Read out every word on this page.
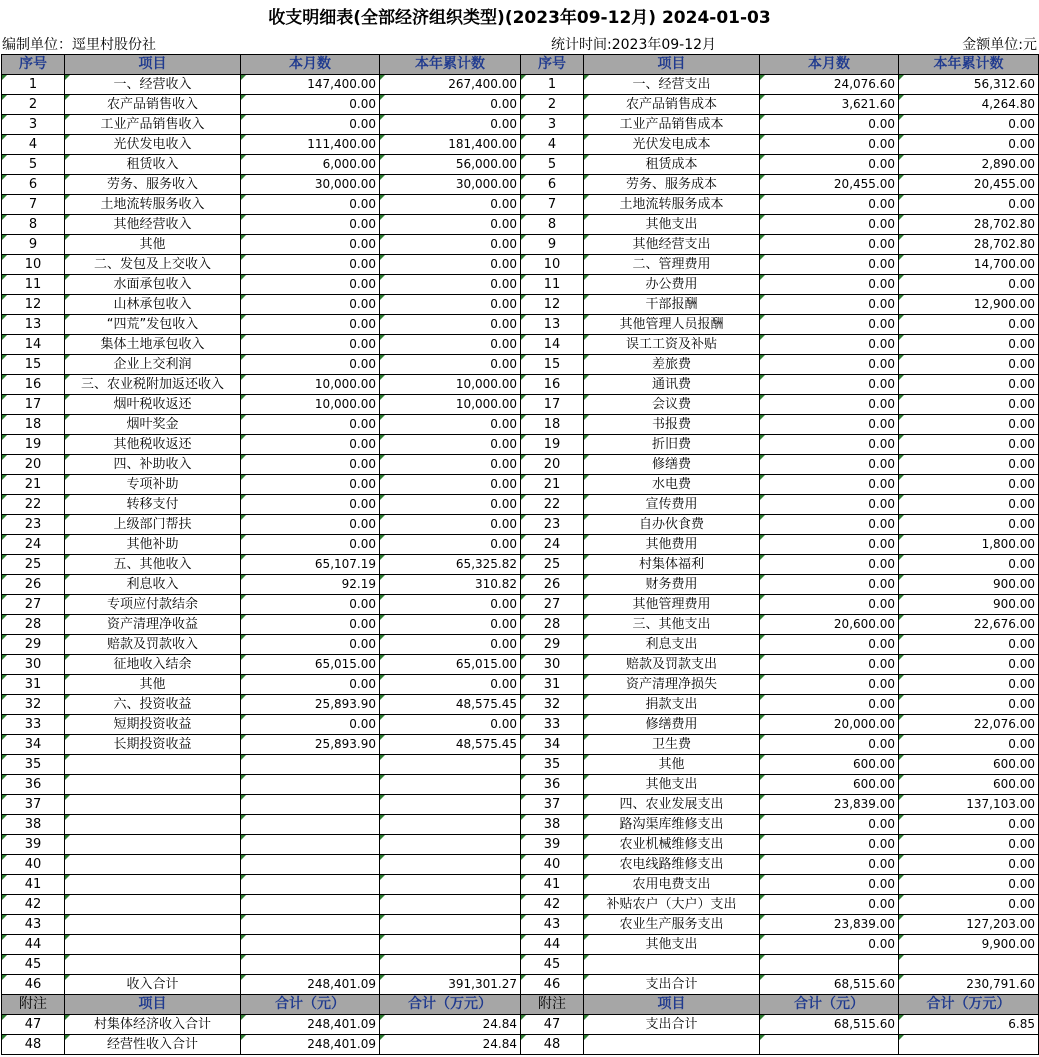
收支明细表(全部经济组织类型)(2023年09-12月) 2024-01-03
编制单位：逕里村股份社	统计时间:2023年09-12月	金额单位:元
序号	项目	本月数	本年累计数	序号	项目	本月数	本年累计数
1	一、经营收入	147,400.00	267,400.00	1	一、经营支出	24,076.60	56,312.60
2	农产品销售收入	0.00	0.00	2	农产品销售成本	3,621.60	4,264.80
3	工业产品销售收入	0.00	0.00	3	工业产品销售成本	0.00	0.00
4	光伏发电收入	111,400.00	181,400.00	4	光伏发电成本	0.00	0.00
5	租赁收入	6,000.00	56,000.00	5	租赁成本	0.00	2,890.00
6	劳务、服务收入	30,000.00	30,000.00	6	劳务、服务成本	20,455.00	20,455.00
7	土地流转服务收入	0.00	0.00	7	土地流转服务成本	0.00	0.00
8	其他经营收入	0.00	0.00	8	其他支出	0.00	28,702.80
9	其他	0.00	0.00	9	其他经营支出	0.00	28,702.80
10	二、发包及上交收入	0.00	0.00	10	二、管理费用	0.00	14,700.00
11	水面承包收入	0.00	0.00	11	办公费用	0.00	0.00
12	山林承包收入	0.00	0.00	12	干部报酬	0.00	12,900.00
13	“四荒”发包收入	0.00	0.00	13	其他管理人员报酬	0.00	0.00
14	集体土地承包收入	0.00	0.00	14	误工工资及补贴	0.00	0.00
15	企业上交利润	0.00	0.00	15	差旅费	0.00	0.00
16	三、农业税附加返还收入	10,000.00	10,000.00	16	通讯费	0.00	0.00
17	烟叶税收返还	10,000.00	10,000.00	17	会议费	0.00	0.00
18	烟叶奖金	0.00	0.00	18	书报费	0.00	0.00
19	其他税收返还	0.00	0.00	19	折旧费	0.00	0.00
20	四、补助收入	0.00	0.00	20	修缮费	0.00	0.00
21	专项补助	0.00	0.00	21	水电费	0.00	0.00
22	转移支付	0.00	0.00	22	宣传费用	0.00	0.00
23	上级部门帮扶	0.00	0.00	23	自办伙食费	0.00	0.00
24	其他补助	0.00	0.00	24	其他费用	0.00	1,800.00
25	五、其他收入	65,107.19	65,325.82	25	村集体福利	0.00	0.00
26	利息收入	92.19	310.82	26	财务费用	0.00	900.00
27	专项应付款结余	0.00	0.00	27	其他管理费用	0.00	900.00
28	资产清理净收益	0.00	0.00	28	三、其他支出	20,600.00	22,676.00
29	赔款及罚款收入	0.00	0.00	29	利息支出	0.00	0.00
30	征地收入结余	65,015.00	65,015.00	30	赔款及罚款支出	0.00	0.00
31	其他	0.00	0.00	31	资产清理净损失	0.00	0.00
32	六、投资收益	25,893.90	48,575.45	32	捐款支出	0.00	0.00
33	短期投资收益	0.00	0.00	33	修缮费用	20,000.00	22,076.00
34	长期投资收益	25,893.90	48,575.45	34	卫生费	0.00	0.00
35				35	其他	600.00	600.00
36				36	其他支出	600.00	600.00
37				37	四、农业发展支出	23,839.00	137,103.00
38				38	路沟渠库维修支出	0.00	0.00
39				39	农业机械维修支出	0.00	0.00
40				40	农电线路维修支出	0.00	0.00
41				41	农用电费支出	0.00	0.00
42				42	补贴农户（大户）支出	0.00	0.00
43				43	农业生产服务支出	23,839.00	127,203.00
44				44	其他支出	0.00	9,900.00
45				45			
46	收入合计	248,401.09	391,301.27	46	支出合计	68,515.60	230,791.60
附注	项目	合计（元）	合计（万元）	附注	项目	合计（元）	合计（万元）
47	村集体经济收入合计	248,401.09	24.84	47	支出合计	68,515.60	6.85
48	经营性收入合计	248,401.09	24.84	48			
